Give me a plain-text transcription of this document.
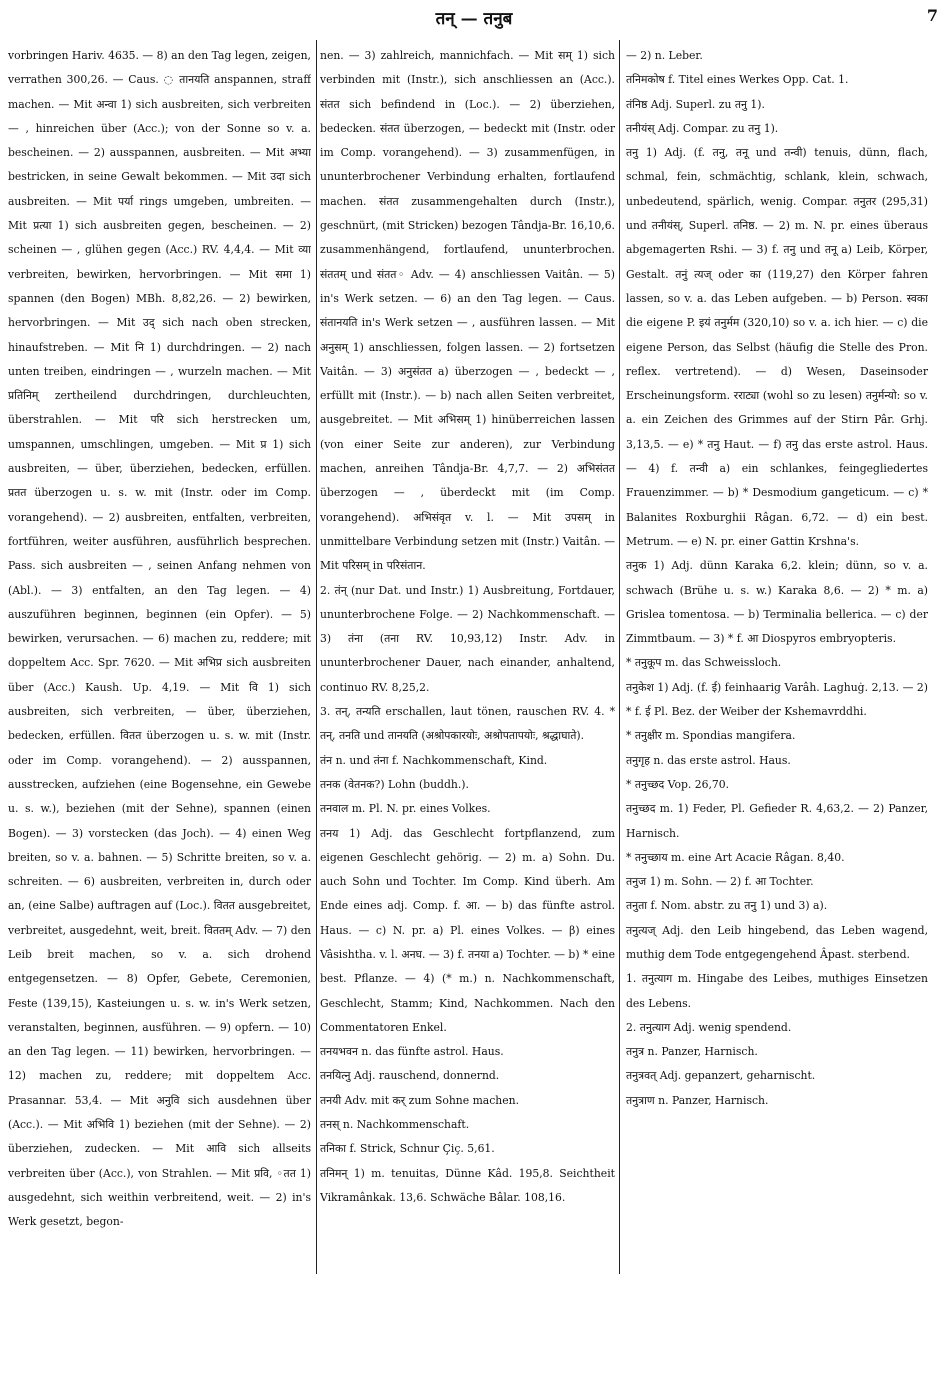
तन् — तनुब	7

vorbringen Hariv. 4635. — 8) an den Tag legen, zeigen, verrathen 300,26. — Caus. ◌ तानयति anspannen, straff machen. — Mit अन्वा 1) sich ausbreiten, sich verbreiten — , hinreichen über (Acc.); von der Sonne so v. a. bescheinen. — 2) ausspannen, ausbreiten. — Mit अभ्या bestricken, in seine Gewalt bekommen. — Mit उदा sich ausbreiten. — Mit पर्या rings umgeben, umbreiten. — Mit प्रत्या 1) sich ausbreiten gegen, bescheinen. — 2) scheinen — , glühen gegen (Acc.) RV. 4,4,4. — Mit व्या verbreiten, bewirken, hervorbringen. — Mit समा 1) spannen (den Bogen) MBh. 8,82,26. — 2) bewirken, hervorbringen. — Mit उद् sich nach oben strecken, hinaufstreben. — Mit नि 1) durchdringen. — 2) nach unten treiben, eindringen — , wurzeln machen. — Mit प्रतिनिम् zertheilend durchdringen, durchleuchten, überstrahlen. — Mit परि sich herstrecken um, umspannen, umschlingen, umgeben. — Mit प्र 1) sich ausbreiten, — über, überziehen, bedecken, erfüllen. प्रतत überzogen u. s. w. mit (Instr. oder im Comp. vorangehend). — 2) ausbreiten, entfalten, verbreiten, fortführen, weiter ausführen, ausführlich besprechen. Pass. sich ausbreiten — , seinen Anfang nehmen von (Abl.). — 3) entfalten, an den Tag legen. — 4) auszuführen beginnen, beginnen (ein Opfer). — 5) bewirken, verursachen. — 6) machen zu, reddere; mit doppeltem Acc. Spr. 7620. — Mit अभिप्र sich ausbreiten über (Acc.) Kaush. Up. 4,19. — Mit वि 1) sich ausbreiten, sich verbreiten, — über, überziehen, bedecken, erfüllen. वितत überzogen u. s. w. mit (Instr. oder im Comp. vorangehend). — 2) ausspannen, ausstrecken, aufziehen (eine Bogensehne, ein Gewebe u. s. w.), beziehen (mit der Sehne), spannen (einen Bogen). — 3) vorstecken (das Joch). — 4) einen Weg breiten, so v. a. bahnen. — 5) Schritte breiten, so v. a. schreiten. — 6) ausbreiten, verbreiten in, durch oder an, (eine Salbe) auftragen auf (Loc.). वितत ausgebreitet, verbreitet, ausgedehnt, weit, breit. विततम् Adv. — 7) den Leib breit machen, so v. a. sich drohend entgegensetzen. — 8) Opfer, Gebete, Ceremonien, Feste (139,15), Kasteiungen u. s. w. in's Werk setzen, veranstalten, beginnen, ausführen. — 9) opfern. — 10) an den Tag legen. — 11) bewirken, hervorbringen. — 12) machen zu, reddere; mit doppeltem Acc. Prasannar. 53,4. — Mit अनुवि sich ausdehnen über (Acc.). — Mit अभिवि 1) beziehen (mit der Sehne). — 2) überziehen, zudecken. — Mit आवि sich allseits verbreiten über (Acc.), von Strahlen. — Mit प्रवि, ◦तत 1) ausgedehnt, sich weithin verbreitend, weit. — 2) in's Werk gesetzt, begon-

nen. — 3) zahlreich, mannichfach. — Mit सम् 1) sich verbinden mit (Instr.), sich anschliessen an (Acc.). संतत sich befindend in (Loc.). — 2) überziehen, bedecken. संतत überzogen, — bedeckt mit (Instr. oder im Comp. vorangehend). — 3) zusammenfügen, in ununterbrochener Verbindung erhalten, fortlaufend machen. संतत zusammengehalten durch (Instr.), geschnürt, (mit Stricken) bezogen Tândja-Br. 16,10,6. zusammenhängend, fortlaufend, ununterbrochen. संततम् und संतत◦ Adv. — 4) anschliessen Vaitân. — 5) in's Werk setzen. — 6) an den Tag legen. — Caus. संतानयति in's Werk setzen — , ausführen lassen. — Mit अनुसम् 1) anschliessen, folgen lassen. — 2) fortsetzen Vaitân. — 3) अनुसंतत a) überzogen — , bedeckt — , erfüllt mit (Instr.). — b) nach allen Seiten verbreitet, ausgebreitet. — Mit अभिसम् 1) hinüberreichen lassen (von einer Seite zur anderen), zur Verbindung machen, anreihen Tândja-Br. 4,7,7. — 2) अभिसंतत überzogen — , überdeckt mit (im Comp. vorangehend). अभिसंवृत v. l. — Mit उपसम् in unmittelbare Verbindung setzen mit (Instr.) Vaitân. — Mit परिसम् in परिसंतान.

2. तंन् (nur Dat. und Instr.) 1) Ausbreitung, Fortdauer, ununterbrochene Folge. — 2) Nachkommenschaft. — 3) तंना (तना RV. 10,93,12) Instr. Adv. in ununterbrochener Dauer, nach einander, anhaltend, continuo RV. 8,25,2.

3. तन्, तन्यति erschallen, laut tönen, rauschen RV. 4. * तन्, तनति und तानयति (अश्रोपकारयोः, अश्रोपतापयोः, श्रद्धाघाते).

तंन n. und तंना f. Nachkommenschaft, Kind.

तनक (वेतनक?) Lohn (buddh.).

तनवाल m. Pl. N. pr. eines Volkes.

तनय 1) Adj. das Geschlecht fortpflanzend, zum eigenen Geschlecht gehörig. — 2) m. a) Sohn. Du. auch Sohn und Tochter. Im Comp. Kind überh. Am Ende eines adj. Comp. f. आ. — b) das fünfte astrol. Haus. — c) N. pr. a) Pl. eines Volkes. — β) eines Vâsishtha. v. l. अनघ. — 3) f. तनया a) Tochter. — b) * eine best. Pflanze. — 4) (* m.) n. Nachkommenschaft, Geschlecht, Stamm; Kind, Nachkommen. Nach den Commentatoren Enkel.

तनयभवन n. das fünfte astrol. Haus.

तनयित्नु Adj. rauschend, donnernd.

तनयी Adv. mit कर् zum Sohne machen.

तनस् n. Nachkommenschaft.

तनिका f. Strick, Schnur Çiç. 5,61.

तनिमन् 1) m. tenuitas, Dünne Kâd. 195,8. Seichtheit Vikramânkak. 13,6. Schwäche Bâlar. 108,16.

— 2) n. Leber.

तनिमकोष f. Titel eines Werkes Opp. Cat. 1.

तंनिष्ठ Adj. Superl. zu तनु 1).

तनीयंस् Adj. Compar. zu तनु 1).

तनु 1) Adj. (f. तनु, तनू und तन्वी) tenuis, dünn, flach, schmal, fein, schmächtig, schlank, klein, schwach, unbedeutend, spärlich, wenig. Compar. तनुतर (295,31) und तनीयंस्, Superl. तनिष्ठ. — 2) m. N. pr. eines überaus abgemagerten Rshi. — 3) f. तनु und तनू a) Leib, Körper, Gestalt. तनुं त्यज् oder का (119,27) den Körper fahren lassen, so v. a. das Leben aufgeben. — b) Person. स्वका die eigene P. इयं तनुर्मम (320,10) so v. a. ich hier. — c) die eigene Person, das Selbst (häufig die Stelle des Pron. reflex. vertretend). — d) Wesen, Daseinsoder Erscheinungsform. रराट्या (wohl so zu lesen) तनुर्मन्यो: so v. a. ein Zeichen des Grimmes auf der Stirn Pâr. Grhj. 3,13,5. — e) * तनु Haut. — f) तनु das erste astrol. Haus. — 4) f. तन्वी a) ein schlankes, feingegliedertes Frauenzimmer. — b) * Desmodium gangeticum. — c) * Balanites Roxburghii Râgan. 6,72. — d) ein best. Metrum. — e) N. pr. einer Gattin Krshna's.

तनुक 1) Adj. dünn Karaka 6,2. klein; dünn, so v. a. schwach (Brühe u. s. w.) Karaka 8,6. — 2) * m. a) Grislea tomentosa. — b) Terminalia bellerica. — c) der Zimmtbaum. — 3) * f. आ Diospyros embryopteris.

* तनुकूप m. das Schweissloch.

तनुकेश 1) Adj. (f. ई) feinhaarig Varâh. Laghuġ. 2,13. — 2) * f. ई Pl. Bez. der Weiber der Kshemavrddhi.

* तनुक्षीर m. Spondias mangifera.

तनुगृह n. das erste astrol. Haus.

* तनुच्छद Vop. 26,70.

तनुच्छद m. 1) Feder, Pl. Gefieder R. 4,63,2. — 2) Panzer, Harnisch.

* तनुच्छाय m. eine Art Acacie Râgan. 8,40.

तनुज 1) m. Sohn. — 2) f. आ Tochter.

तनुता f. Nom. abstr. zu तनु 1) und 3) a).

तनुत्यज् Adj. den Leib hingebend, das Leben wagend, muthig dem Tode entgegengehend Âpast. sterbend.

1. तनुत्याग m. Hingabe des Leibes, muthiges Einsetzen des Lebens.

2. तनुत्याग Adj. wenig spendend.

तनुत्र n. Panzer, Harnisch.

तनुत्रवत् Adj. gepanzert, geharnischt.

तनुत्राण n. Panzer, Harnisch.
